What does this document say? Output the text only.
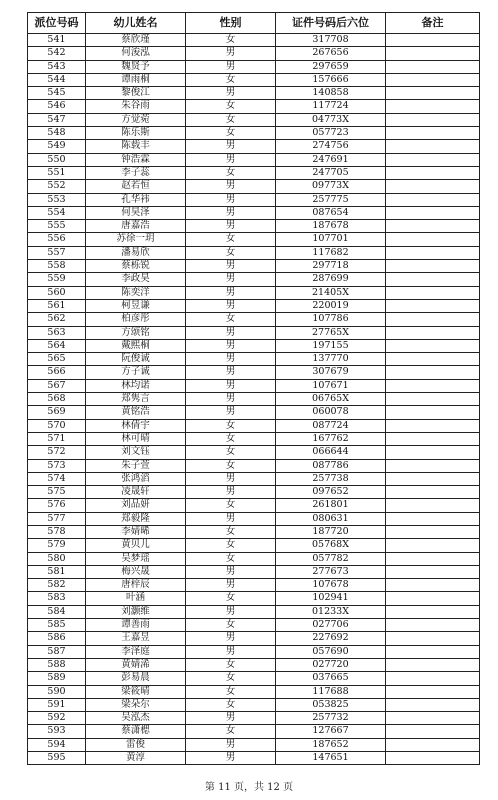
派位号码	幼儿姓名	性别	证件号码后六位	备注
541	蔡欣瑾	女	317708	
542	何浚泓	男	267656	
543	魏贤予	男	297659	
544	谭雨桐	女	157666	
545	黎俊江	男	140858	
546	朱谷雨	女	117724	
547	方觉菀	女	04773X	
548	陈乐斯	女	057723	
549	陈载丰	男	274756	
550	钟浩霖	男	247691	
551	李子蕊	女	247705	
552	赵若恒	男	09773X	
553	孔华祎	男	257775	
554	何昊泽	男	087654	
555	唐嘉浩	男	187678	
556	苏徐一玥	女	107701	
557	潘易欣	女	117682	
558	蔡栎锐	男	297718	
559	李政昊	男	287699	
560	陈奕洋	男	21405X	
561	柯昱谦	男	220019	
562	柏彦彤	女	107786	
563	方颂铭	男	27765X	
564	戴熙桐	男	197155	
565	阮俊诚	男	137770	
566	方子诚	男	307679	
567	林均诺	男	107671	
568	郑隽言	男	06765X	
569	黄铭浩	男	060078	
570	林倩宇	女	087724	
571	林可晴	女	167762	
572	刘文钰	女	066644	
573	朱子萱	女	087786	
574	张鸿滔	男	257738	
575	凌晟轩	男	097652	
576	刘品妍	女	261801	
577	郑毅隆	男	080631	
578	李婧晞	女	187720	
579	黄贝儿	女	05768X	
580	吴梦瑶	女	057782	
581	梅兴晟	男	277673	
582	唐梓辰	男	107678	
583	叶涵	女	102941	
584	刘灏维	男	01233X	
585	谭善雨	女	027706	
586	王嘉昱	男	227692	
587	李泽庭	男	057690	
588	黄婧浠	女	027720	
589	彭易晨	女	037665	
590	梁筱晴	女	117688	
591	梁朵尔	女	053825	
592	吴泓杰	男	257732	
593	蔡潇楒	女	127667	
594	雷俊	男	187652	
595	黄淳	男	147651	
第 11 页，共 12 页
